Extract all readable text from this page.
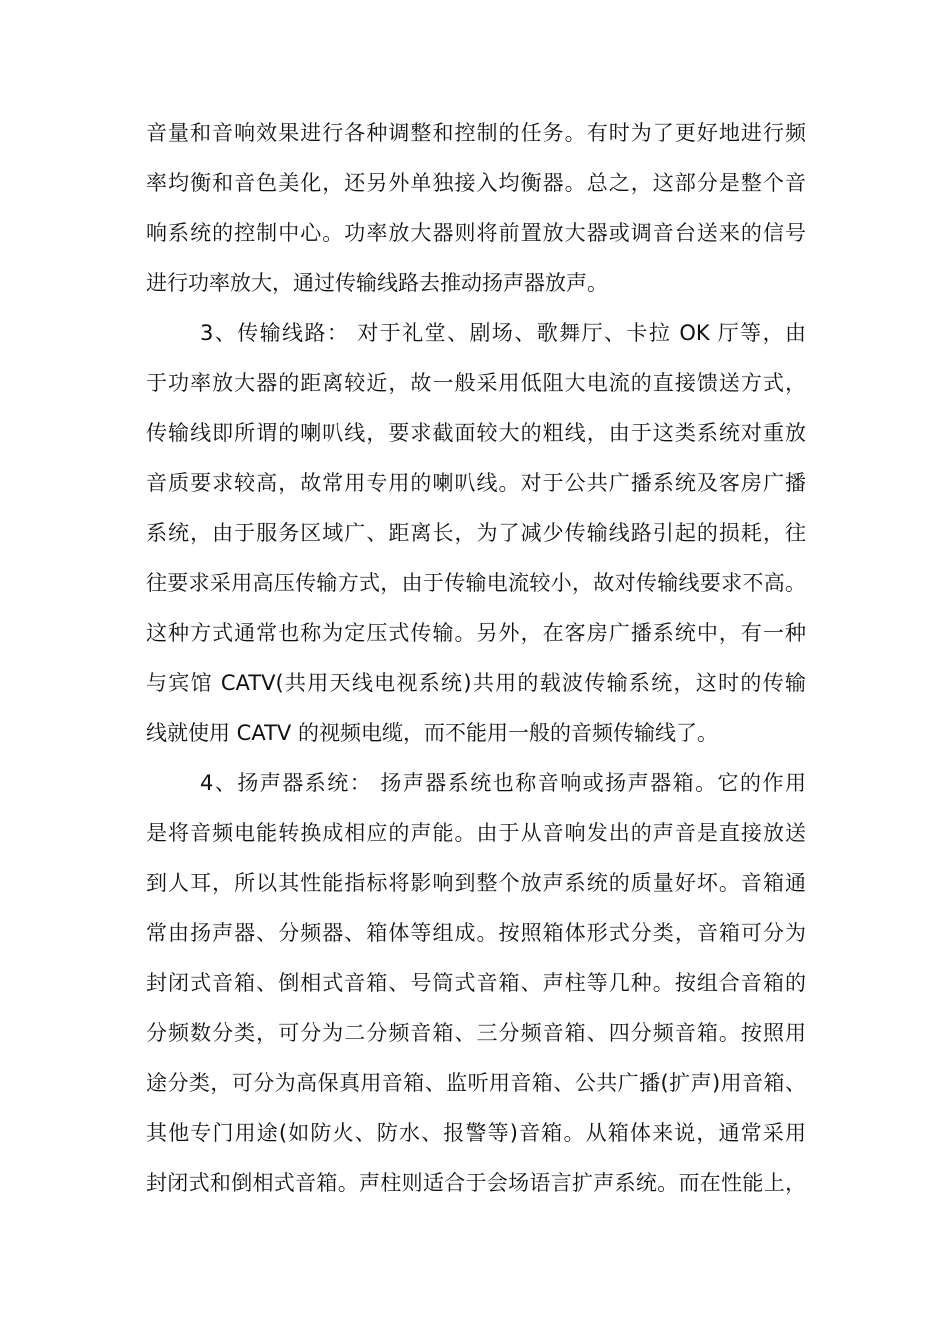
音量和音响效果进行各种调整和控制的任务。有时为了更好地进行频
率均衡和音色美化，还另外单独接入均衡器。总之，这部分是整个音
响系统的控制中心。功率放大器则将前置放大器或调音台送来的信号
进行功率放大，通过传输线路去推动扬声器放声。
3、传输线路： 对于礼堂、剧场、歌舞厅、卡拉 OK 厅等，由
于功率放大器的距离较近，故一般采用低阻大电流的直接馈送方式，
传输线即所谓的喇叭线，要求截面较大的粗线，由于这类系统对重放
音质要求较高，故常用专用的喇叭线。对于公共广播系统及客房广播
系统，由于服务区域广、距离长，为了减少传输线路引起的损耗，往
往要求采用高压传输方式，由于传输电流较小，故对传输线要求不高。
这种方式通常也称为定压式传输。另外，在客房广播系统中，有一种
与宾馆 CATV(共用天线电视系统)共用的载波传输系统，这时的传输
线就使用 CATV 的视频电缆，而不能用一般的音频传输线了。
4、扬声器系统： 扬声器系统也称音响或扬声器箱。它的作用
是将音频电能转换成相应的声能。由于从音响发出的声音是直接放送
到人耳，所以其性能指标将影响到整个放声系统的质量好坏。音箱通
常由扬声器、分频器、箱体等组成。按照箱体形式分类，音箱可分为
封闭式音箱、倒相式音箱、号筒式音箱、声柱等几种。按组合音箱的
分频数分类，可分为二分频音箱、三分频音箱、四分频音箱。按照用
途分类，可分为高保真用音箱、监听用音箱、公共广播(扩声)用音箱、
其他专门用途(如防火、防水、报警等)音箱。从箱体来说，通常采用
封闭式和倒相式音箱。声柱则适合于会场语言扩声系统。而在性能上，
